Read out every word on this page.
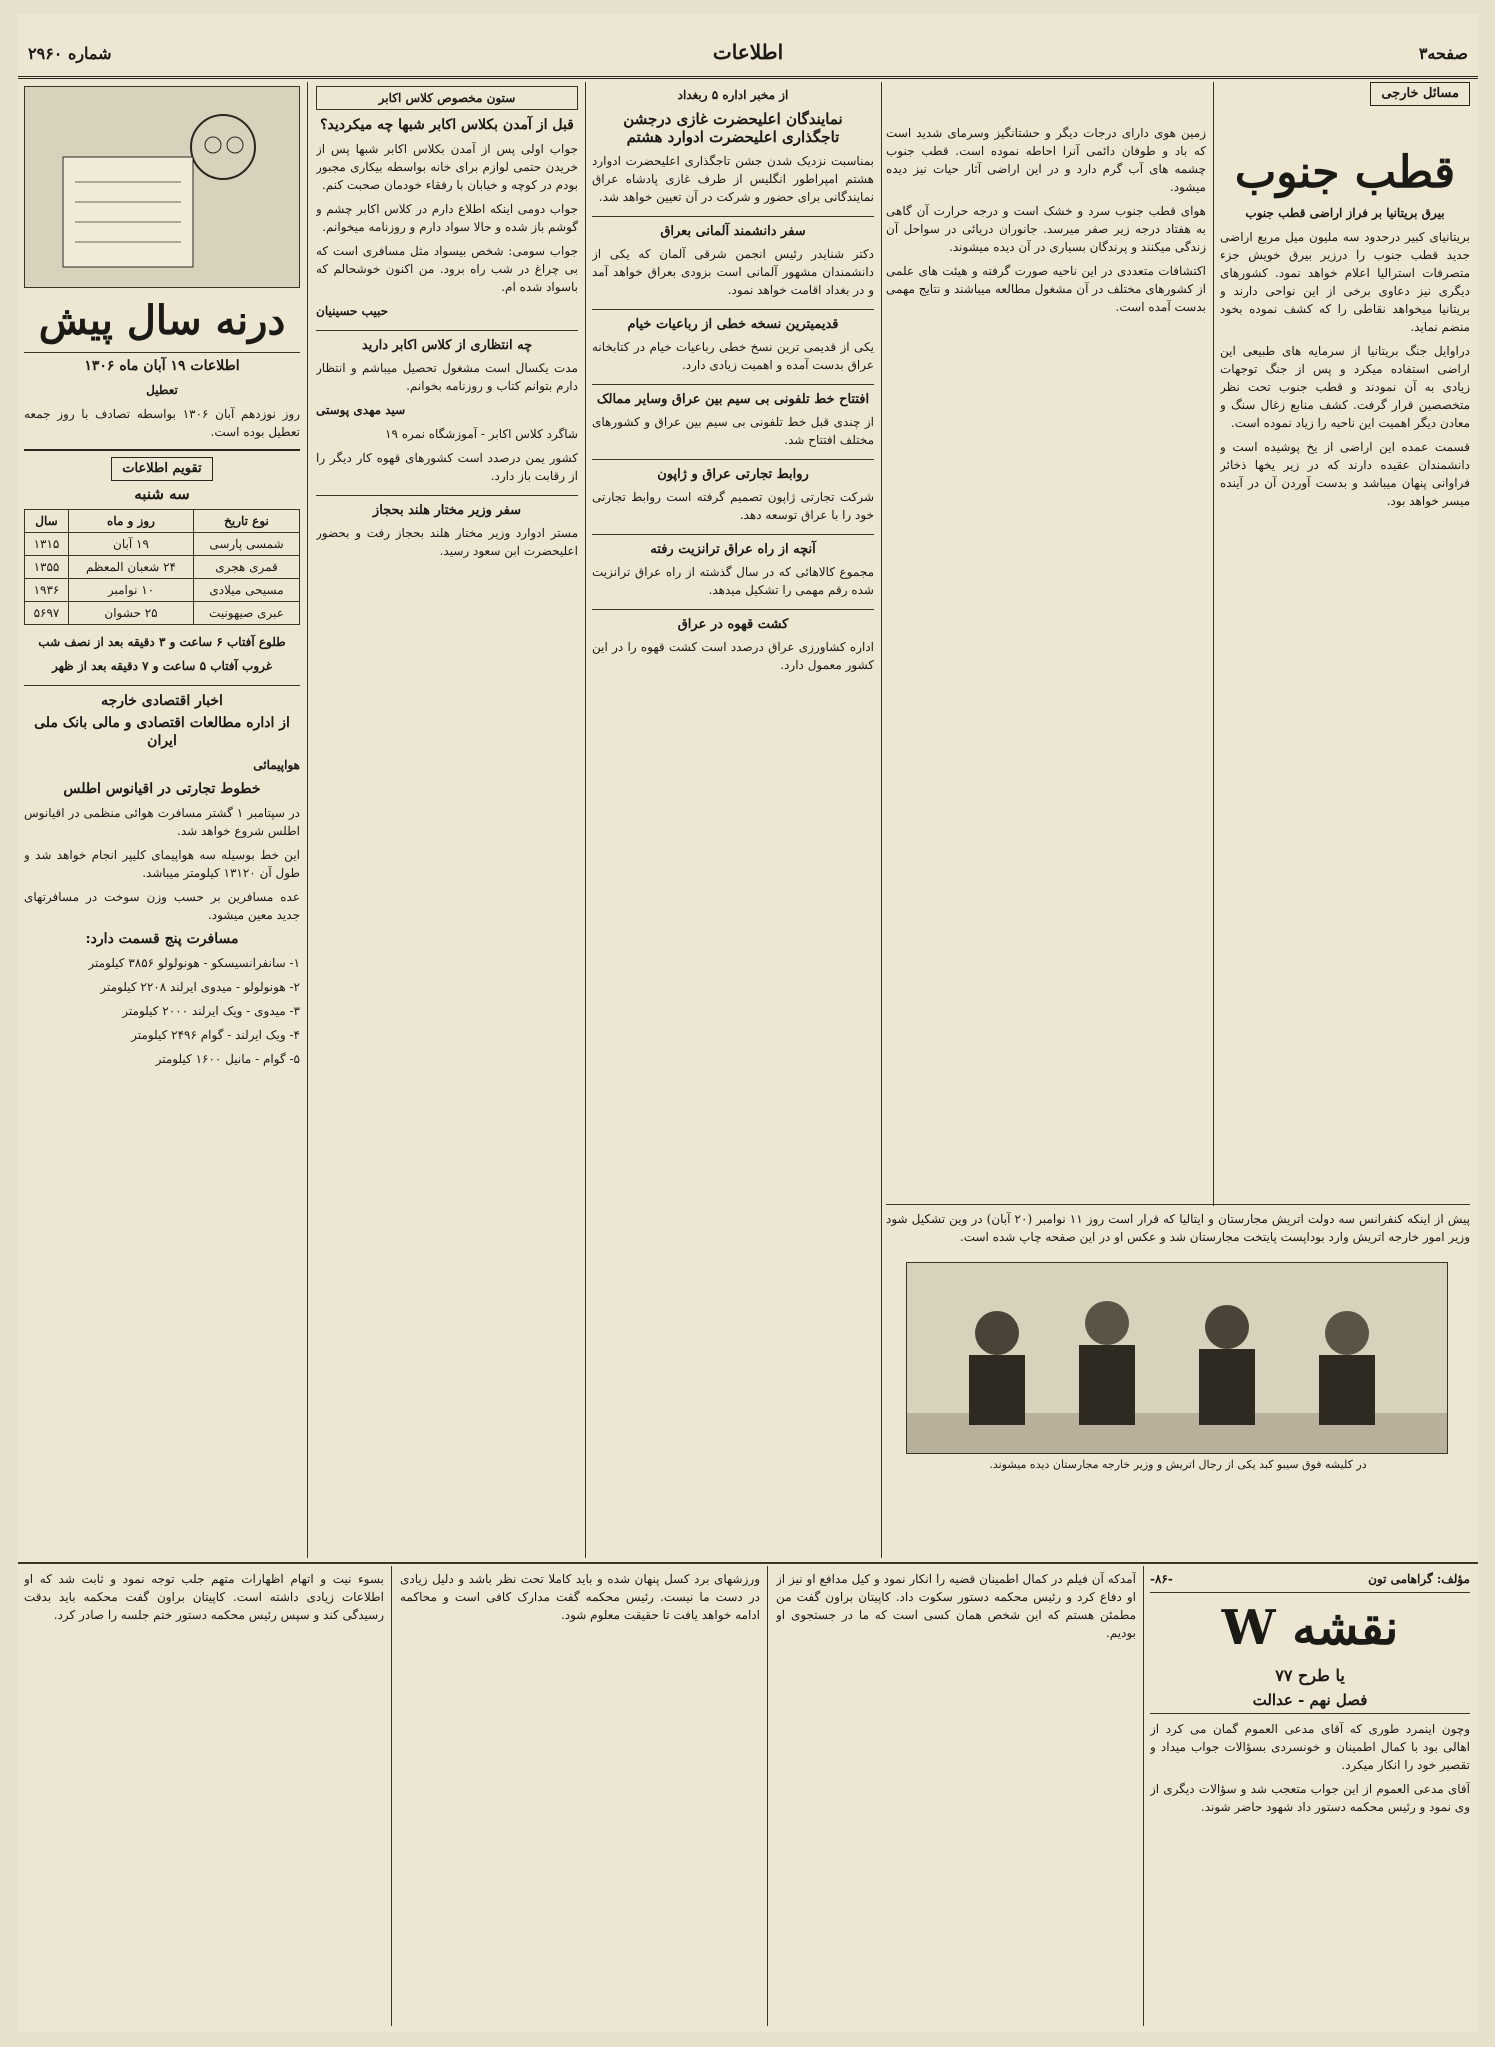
صفحه۳
اطلاعات
شماره ۲۹۶۰
مسائل خارجی
قطب جنوب
بیرق بریتانیا بر فراز اراضی قطب جنوب

بریتانیای کبیر درحدود سه ملیون میل مربع اراضی جدید قطب جنوب را درزیر بیرق خویش جزء متصرفات استرالیا اعلام خواهد نمود. کشورهای دیگری نیز دعاوی برخی از این نواحی دارند و بریتانیا میخواهد نقاطی را که کشف نموده بخود منضم نماید.

دراوایل جنگ بریتانیا از سرمایه های طبیعی این اراضی استفاده میکرد و پس از جنگ توجهات زیادی به آن نمودند و قطب جنوب تحت نظر متخصصین قرار گرفت. کشف منابع زغال سنگ و معادن دیگر اهمیت این ناحیه را زیاد نموده است.

قسمت عمده این اراضی از یخ پوشیده است و دانشمندان عقیده دارند که در زیر یخها ذخائر فراوانی پنهان میباشد و بدست آوردن آن در آینده میسر خواهد بود.

زمین هوی دارای درجات دیگر و حشتانگیز وسرمای شدید است که باد و طوفان دائمی آنرا احاطه نموده است. قطب جنوب چشمه های آب گرم دارد و در این اراضی آثار حیات نیز دیده میشود.

هوای قطب جنوب سرد و خشک است و درجه حرارت آن گاهی به هفتاد درجه زیر صفر میرسد. جانوران دریائی در سواحل آن زندگی میکنند و پرندگان بسیاری در آن دیده میشوند.

اکتشافات متعددی در این ناحیه صورت گرفته و هیئت های علمی از کشورهای مختلف در آن مشغول مطالعه میباشند و نتایج مهمی بدست آمده است.

پیش از اینکه کنفرانس سه دولت اتریش مجارستان و ایتالیا که قرار است روز ۱۱ نوامبر (۲۰ آبان) در وین تشکیل شود وزیر امور خارجه اتریش وارد بوداپست پایتخت مجارستان شد و عکس او در این صفحه چاپ شده است.
در کلیشه فوق سیبو کبد یکی از رجال اتریش و وزیر خارجه مجارستان دیده میشوند.
از مخبر اداره ۵ ربغداد
نمایندگان اعلیحضرت غازی درجشن تاجگذاری اعلیحضرت ادوارد هشتم

بمناسبت نزدیک شدن جشن تاجگذاری اعلیحضرت ادوارد هشتم امپراطور انگلیس از طرف غازی پادشاه عراق نمایندگانی برای حضور و شرکت در آن تعیین خواهد شد.

سفر دانشمند آلمانی بعراق

دکتر شنایدر رئیس انجمن شرقی آلمان که یکی از دانشمندان مشهور آلمانی است بزودی بعراق خواهد آمد و در بغداد اقامت خواهد نمود.

قدیمیترین نسخه خطی از رباعیات خیام

یکی از قدیمی ترین نسخ خطی رباعیات خیام در کتابخانه عراق بدست آمده و اهمیت زیادی دارد.

افتتاح خط تلفونی بی سیم بین عراق وسایر ممالک

از چندی قبل خط تلفونی بی سیم بین عراق و کشورهای مختلف افتتاح شد.

روابط تجارتی عراق و ژاپون

شرکت تجارتی ژاپون تصمیم گرفته است روابط تجارتی خود را با عراق توسعه دهد.

آنچه از راه عراق ترانزیت رفته

مجموع کالاهائی که در سال گذشته از راه عراق ترانزیت شده رقم مهمی را تشکیل میدهد.

کشت قهوه در عراق

اداره کشاورزی عراق درصدد است کشت قهوه را در این کشور معمول دارد.

ستون مخصوص کلاس اکابر
قبل از آمدن بکلاس اکابر شبها چه میکردید؟

جواب اولی پس از آمدن بکلاس اکابر شبها پس از خریدن حتمی لوازم برای خانه بواسطه بیکاری مجبور بودم در کوچه و خیابان با رفقاء خودمان صحبت کنم.

جواب دومی اینکه اطلاع دارم در کلاس اکابر چشم و گوشم باز شده و حالا سواد دارم و روزنامه میخوانم.

جواب سومی: شخص بیسواد مثل مسافری است که بی چراغ در شب راه برود. من اکنون خوشحالم که باسواد شده ام.

حبیب حسینیان
چه انتظاری از کلاس اکابر دارید

مدت یکسال است مشغول تحصیل میباشم و انتظار دارم بتوانم کتاب و روزنامه بخوانم.

سید مهدی پوستی

شاگرد کلاس اکابر - آموزشگاه نمره ۱۹

کشور یمن درصدد است کشورهای قهوه کار دیگر را از رقابت باز دارد.

سفر وزیر مختار هلند بحجاز

مستر ادوارد وزیر مختار هلند بحجاز رفت و بحضور اعلیحضرت ابن سعود رسید.

درنه سال پیش
اطلاعات ۱۹ آبان ماه ۱۳۰۶
تعطیل

روز نوزدهم آبان ۱۳۰۶ بواسطه تصادف با روز جمعه تعطیل بوده است.

تقویم اطلاعات
سه شنبه
نوع تاریخ	روز و ماه	سال
شمسی پارسی	۱۹ آبان	۱۳۱۵
قمری هجری	۲۴ شعبان المعظم	۱۳۵۵
مسیحی میلادی	۱۰ نوامبر	۱۹۳۶
عبری صیهونیت	۲۵ حشوان	۵۶۹۷
طلوع آفتاب ۶ ساعت و ۳ دقیقه بعد از نصف شب
غروب آفتاب ۵ ساعت و ۷ دقیقه بعد از ظهر
اخبار اقتصادی خارجه
از اداره مطالعات اقتصادی و مالی بانک ملی ایران
هواپیمائی
خطوط تجارتی در اقیانوس اطلس

در سپتامبر ۱ گشتر مسافرت هوائی منظمی در اقیانوس اطلس شروع خواهد شد.

این خط بوسیله سه هواپیمای کلیپر انجام خواهد شد و طول آن ۱۳۱۲۰ کیلومتر میباشد.

عده مسافرین بر حسب وزن سوخت در مسافرتهای جدید معین میشود.

مسافرت پنج قسمت دارد:

۱- سانفرانسیسکو - هونولولو ۳۸۵۶ کیلومتر

۲- هونولولو - میدوی ایرلند ۲۲۰۸ کیلومتر

۳- میدوی - ویک ایرلند ۲۰۰۰ کیلومتر

۴- ویک ایرلند - گوام ۲۴۹۶ کیلومتر

۵- گوام - مانیل ۱۶۰۰ کیلومتر

مؤلف: گراهامی تون
-۸۶-
نقشه W
یا طرح ۷۷
فصل نهم - عدالت

وچون اینمرد طوری که آقای مدعی العموم گمان می کرد از اهالی بود با کمال اطمینان و خونسردی بسؤالات جواب میداد و تقصیر خود را انکار میکرد.

آقای مدعی العموم از این جواب متعجب شد و سؤالات دیگری از وی نمود و رئیس محکمه دستور داد شهود حاضر شوند.

آمدکه آن فیلم در کمال اطمینان قضیه را انکار نمود و کیل مدافع او نیز از او دفاع کرد و رئیس محکمه دستور سکوت داد. کاپیتان براون گفت من مطمئن هستم که این شخص همان کسی است که ما در جستجوی او بودیم.

ورزشهای برد کسل پنهان شده و باید کاملا تحت نظر باشد و دلیل زیادی در دست ما نیست. رئیس محکمه گفت مدارک کافی است و محاکمه ادامه خواهد یافت تا حقیقت معلوم شود.

بسوء نیت و اتهام اظهارات متهم جلب توجه نمود و ثابت شد که او اطلاعات زیادی داشته است. کاپیتان براون گفت محکمه باید بدقت رسیدگی کند و سپس رئیس محکمه دستور ختم جلسه را صادر کرد.
